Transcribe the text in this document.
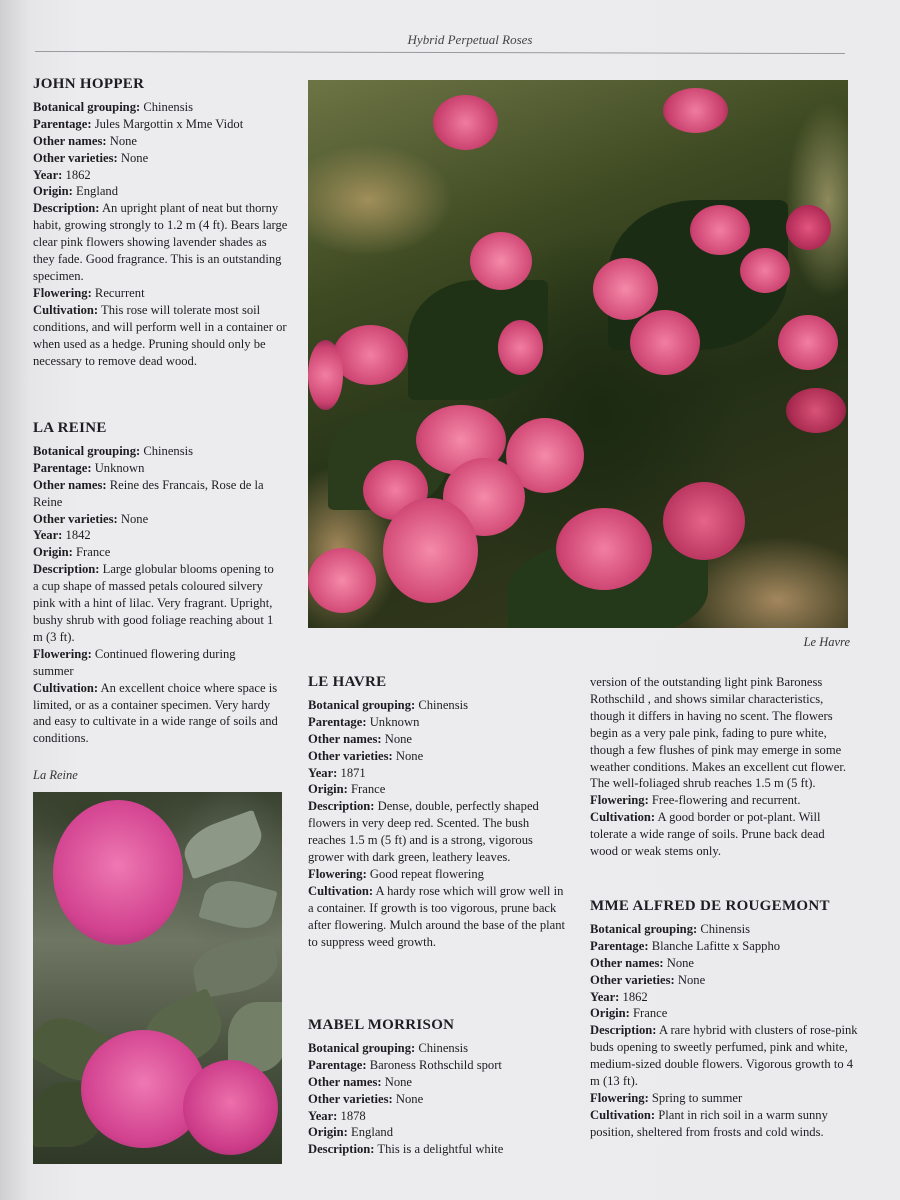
Hybrid Perpetual Roses
JOHN HOPPER

Botanical grouping: Chinensis

Parentage: Jules Margottin x Mme Vidot

Other names: None

Other varieties: None

Year: 1862

Origin: England

Description: An upright plant of neat but thorny habit, growing strongly to 1.2 m (4 ft). Bears large clear pink flowers showing lavender shades as they fade. Good fragrance. This is an outstanding specimen.

Flowering: Recurrent

Cultivation: This rose will tolerate most soil conditions, and will perform well in a container or when used as a hedge. Pruning should only be necessary to remove dead wood.

LA REINE

Botanical grouping: Chinensis

Parentage: Unknown

Other names: Reine des Francais, Rose de la Reine

Other varieties: None

Year: 1842

Origin: France

Description: Large globular blooms opening to a cup shape of massed petals coloured silvery pink with a hint of lilac. Very fragrant. Upright, bushy shrub with good foliage reaching about 1 m (3 ft).

Flowering: Continued flowering during summer

Cultivation: An excellent choice where space is limited, or as a container specimen. Very hardy and easy to cultivate in a wide range of soils and conditions.

La Reine
Le Havre
LE HAVRE

Botanical grouping: Chinensis

Parentage: Unknown

Other names: None

Other varieties: None

Year: 1871

Origin: France

Description: Dense, double, perfectly shaped flowers in very deep red. Scented. The bush reaches 1.5 m (5 ft) and is a strong, vigorous grower with dark green, leathery leaves.

Flowering: Good repeat flowering

Cultivation: A hardy rose which will grow well in a container. If growth is too vigorous, prune back after flowering. Mulch around the base of the plant to suppress weed growth.

MABEL MORRISON

Botanical grouping: Chinensis

Parentage: Baroness Rothschild sport

Other names: None

Other varieties: None

Year: 1878

Origin: England

Description: This is a delightful white

version of the outstanding light pink Baroness Rothschild , and shows similar characteristics, though it differs in having no scent. The flowers begin as a very pale pink, fading to pure white, though a few flushes of pink may emerge in some weather conditions. Makes an excellent cut flower. The well-foliaged shrub reaches 1.5 m (5 ft).

Flowering: Free-flowering and recurrent.

Cultivation: A good border or pot-plant. Will tolerate a wide range of soils. Prune back dead wood or weak stems only.

MME ALFRED DE ROUGEMONT

Botanical grouping: Chinensis

Parentage: Blanche Lafitte x Sappho

Other names: None

Other varieties: None

Year: 1862

Origin: France

Description: A rare hybrid with clusters of rose-pink buds opening to sweetly perfumed, pink and white, medium-sized double flowers. Vigorous growth to 4 m (13 ft).

Flowering: Spring to summer

Cultivation: Plant in rich soil in a warm sunny position, sheltered from frosts and cold winds.
